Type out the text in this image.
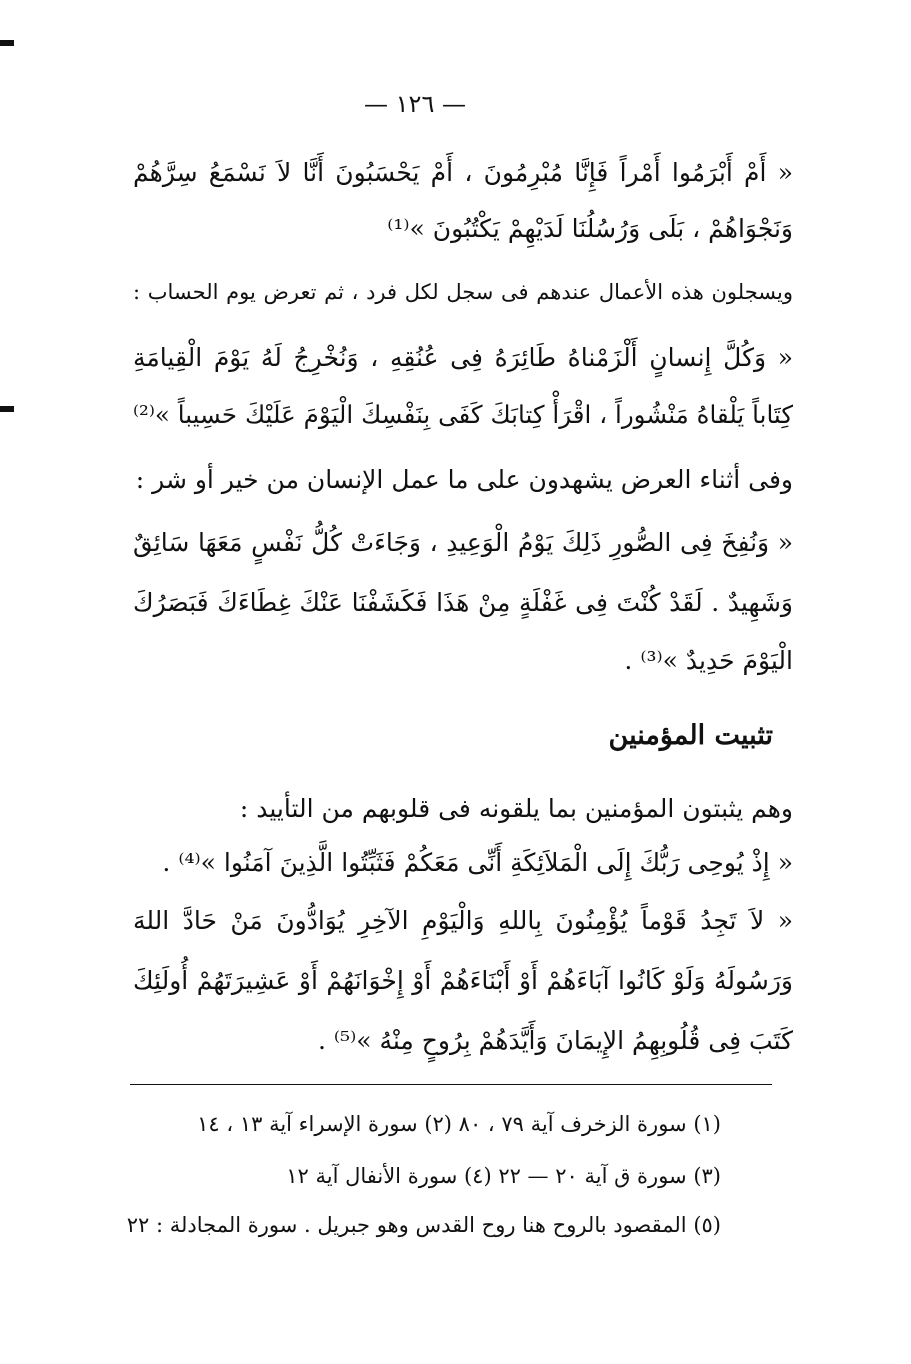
— ١٢٦ —
« أَمْ أَبْرَمُوا أَمْراً فَإِنَّا مُبْرِمُونَ ، أَمْ يَحْسَبُونَ أَنَّا لاَ نَسْمَعُ سِرَّهُمْ
وَنَجْوَاهُمْ ، بَلَى وَرُسُلُنَا لَدَيْهِمْ يَكْتُبُونَ »⁽¹⁾
ويسجلون هذه الأعمال عندهم فى سجل لكل فرد ، ثم تعرض يوم الحساب :
« وَكُلَّ إِنسانٍ أَلْزَمْناهُ طَائِرَهُ فِى عُنُقِهِ ، وَنُخْرِجُ لَهُ يَوْمَ الْقِيامَةِ
كِتَاباً يَلْقاهُ مَنْشُوراً ، اقْرَأْ كِتابَكَ كَفَى بِنَفْسِكَ الْيَوْمَ عَلَيْكَ حَسِيباً »⁽²⁾
وفى أثناء العرض يشهدون على ما عمل الإنسان من خير أو شر :
« وَنُفِخَ فِى الصُّورِ ذَلِكَ يَوْمُ الْوَعِيدِ ، وَجَاءَتْ كُلُّ نَفْسٍ مَعَهَا سَائِقٌ
وَشَهِيدٌ . لَقَدْ كُنْتَ فِى غَفْلَةٍ مِنْ هَذَا فَكَشَفْنَا عَنْكَ غِطَاءَكَ فَبَصَرُكَ
الْيَوْمَ حَدِيدٌ »⁽³⁾ .
تثبيت المؤمنين
وهم يثبتون المؤمنين بما يلقونه فى قلوبهم من التأييد :
« إِذْ يُوحِى رَبُّكَ إِلَى الْمَلاَئِكَةِ أَنِّى مَعَكُمْ فَثَبِّتُوا الَّذِينَ آمَنُوا »⁽⁴⁾ .
« لاَ تَجِدُ قَوْماً يُؤْمِنُونَ بِاللهِ وَالْيَوْمِ الآخِرِ يُوَادُّونَ مَنْ حَادَّ اللهَ
وَرَسُولَهُ وَلَوْ كَانُوا آبَاءَهُمْ أَوْ أَبْنَاءَهُمْ أَوْ إِخْوَانَهُمْ أَوْ عَشِيرَتَهُمْ أُولَئِكَ
كَتَبَ فِى قُلُوبِهِمُ الإِيمَانَ وَأَيَّدَهُمْ بِرُوحٍ مِنْهُ »⁽⁵⁾ .
(١) سورة الزخرف آية ٧٩ ، ٨٠ (٢) سورة الإسراء آية ١٣ ، ١٤
(٣) سورة ق آية ٢٠ — ٢٢ (٤) سورة الأنفال آية ١٢
(٥) المقصود بالروح هنا روح القدس وهو جبريل . سورة المجادلة : ٢٢
